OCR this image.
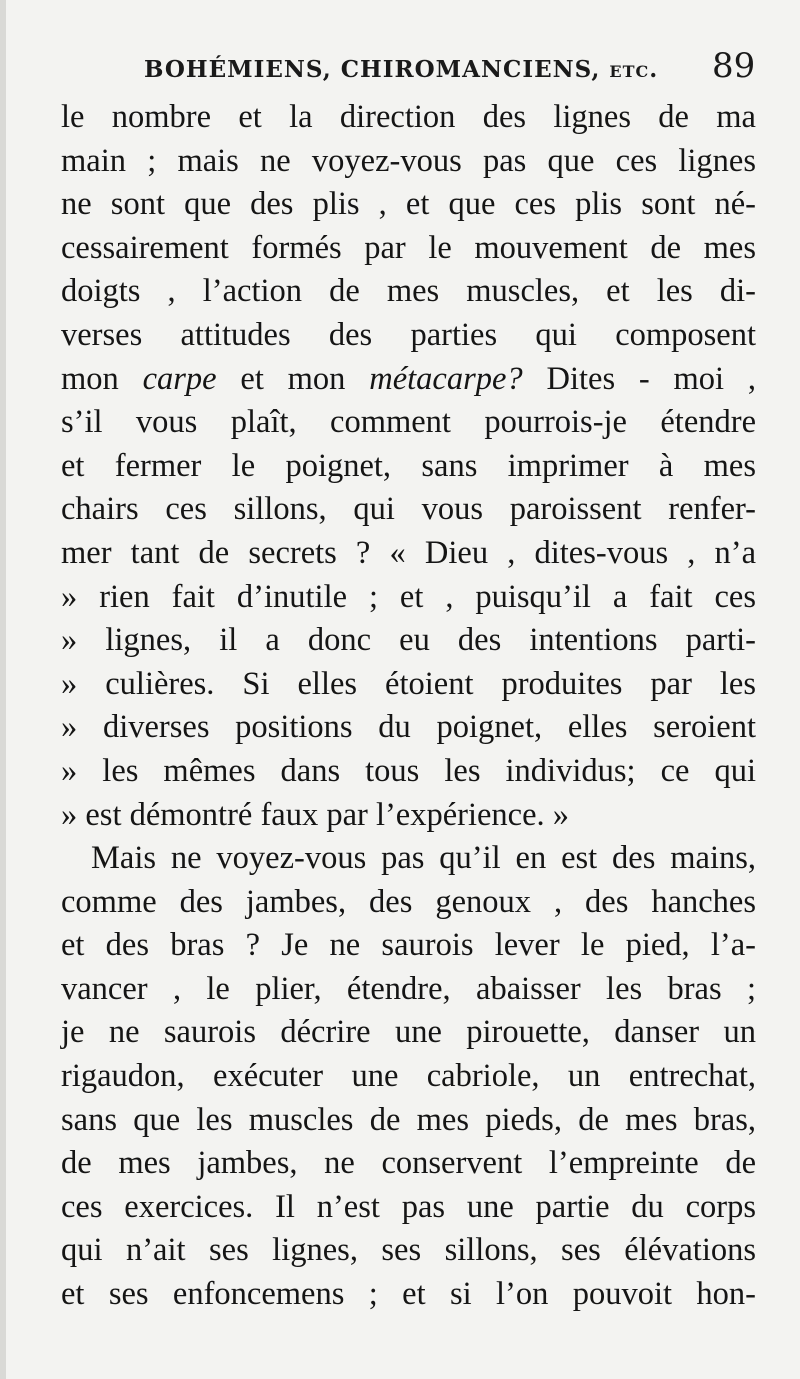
BOHÉMIENS, CHIROMANCIENS, etc. 89
le nombre et la direction des lignes de ma
main ; mais ne voyez-vous pas que ces lignes
ne sont que des plis , et que ces plis sont né-
cessairement formés par le mouvement de mes
doigts , l’action de mes muscles, et les di-
verses attitudes des parties qui composent
mon carpe et mon métacarpe? Dites - moi ,
s’il vous plaît, comment pourrois-je étendre
et fermer le poignet, sans imprimer à mes
chairs ces sillons, qui vous paroissent renfer-
mer tant de secrets ? « Dieu , dites-vous , n’a
» rien fait d’inutile ; et , puisqu’il a fait ces
» lignes, il a donc eu des intentions parti-
» culières. Si elles étoient produites par les
» diverses positions du poignet, elles seroient
» les mêmes dans tous les individus; ce qui
» est démontré faux par l’expérience. »
Mais ne voyez-vous pas qu’il en est des mains,
comme des jambes, des genoux , des hanches
et des bras ? Je ne saurois lever le pied, l’a-
vancer , le plier, étendre, abaisser les bras ;
je ne saurois décrire une pirouette, danser un
rigaudon, exécuter une cabriole, un entrechat,
sans que les muscles de mes pieds, de mes bras,
de mes jambes, ne conservent l’empreinte de
ces exercices. Il n’est pas une partie du corps
qui n’ait ses lignes, ses sillons, ses élévations
et ses enfoncemens ; et si l’on pouvoit hon-
